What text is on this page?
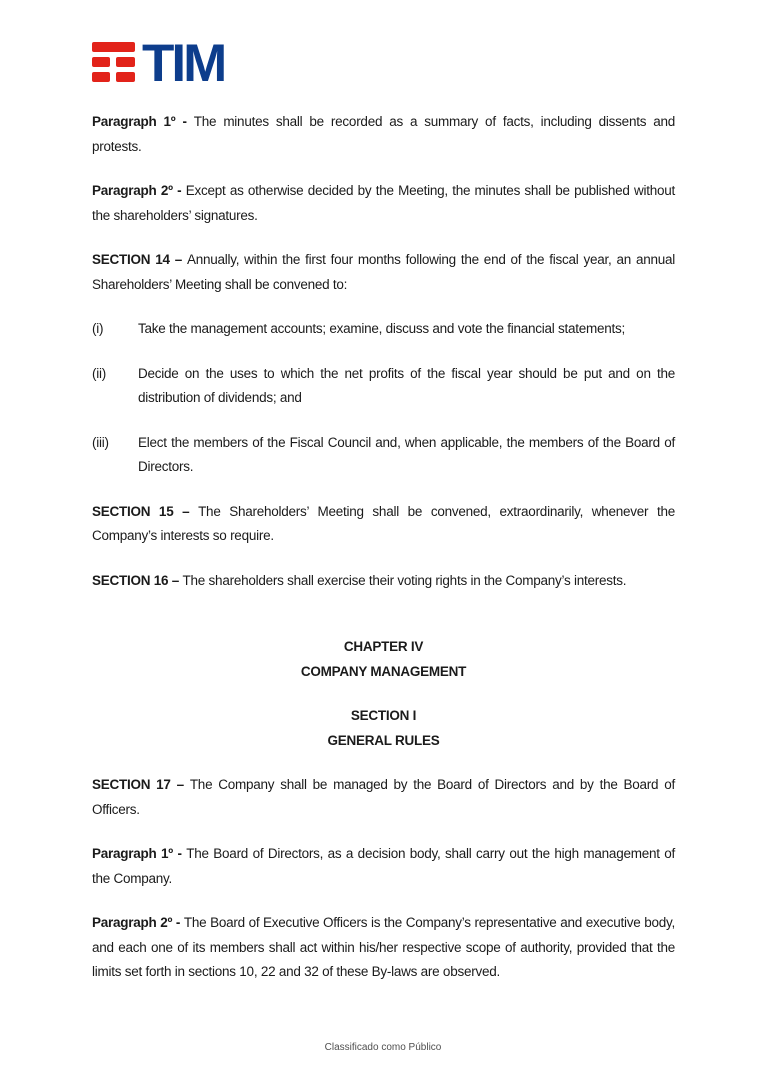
TIM

Paragraph 1º - The minutes shall be recorded as a summary of facts, including dissents and protests.

Paragraph 2º - Except as otherwise decided by the Meeting, the minutes shall be published without the shareholders’ signatures.

SECTION 14 – Annually, within the first four months following the end of the fiscal year, an annual Shareholders’ Meeting shall be convened to:

(i)	Take the management accounts; examine, discuss and vote the financial statements;

(ii) Decide on the uses to which the net profits of the fiscal year should be put and on the distribution of dividends; and

(iii) Elect the members of the Fiscal Council and, when applicable, the members of the Board of Directors.

SECTION 15 – The Shareholders’ Meeting shall be convened, extraordinarily, whenever the Company’s interests so require.

SECTION 16 – The shareholders shall exercise their voting rights in the Company’s interests.

CHAPTER IV

COMPANY MANAGEMENT

SECTION I

GENERAL RULES

SECTION 17 – The Company shall be managed by the Board of Directors and by the Board of Officers.

Paragraph 1º - The Board of Directors, as a decision body, shall carry out the high management of the Company.

Paragraph 2º - The Board of Executive Officers is the Company’s representative and executive body, and each one of its members shall act within his/her respective scope of authority, provided that the limits set forth in sections 10, 22 and 32 of these By-laws are observed.

Classificado como Público
